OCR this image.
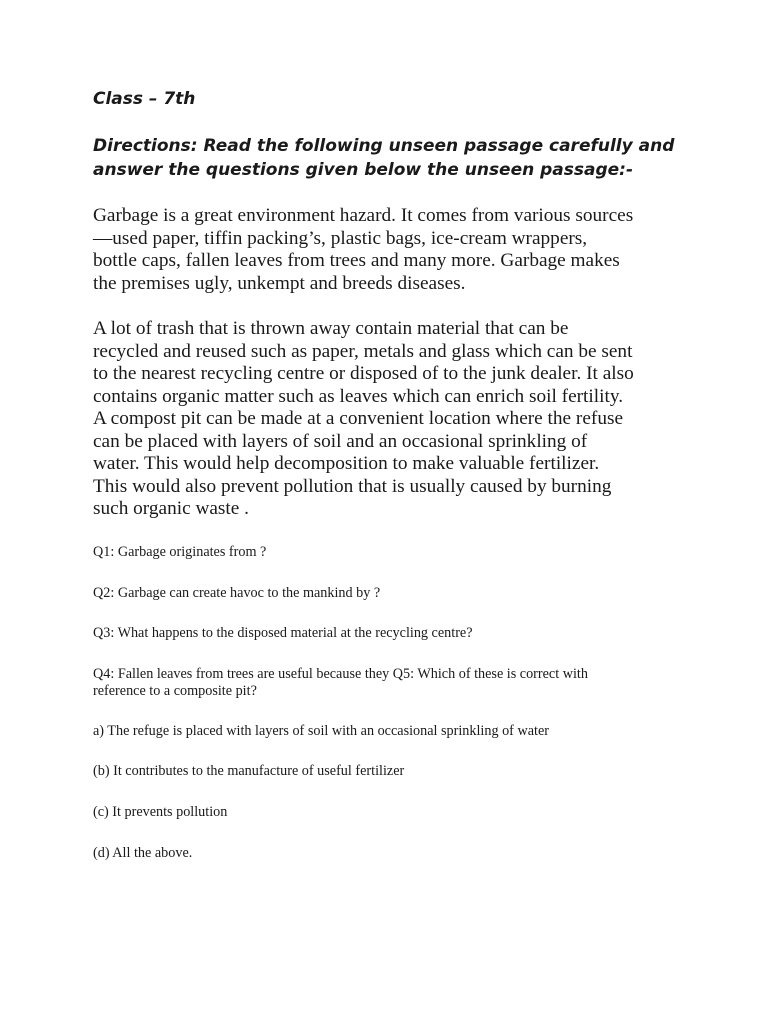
Class – 7th

Directions: Read the following unseen passage carefully and
answer the questions given below the unseen passage:-

Garbage is a great environment hazard. It comes from various sources
—used paper, tiffin packing’s, plastic bags, ice-cream wrappers,
bottle caps, fallen leaves from trees and many more. Garbage makes
the premises ugly, unkempt and breeds diseases.

A lot of trash that is thrown away contain material that can be
recycled and reused such as paper, metals and glass which can be sent
to the nearest recycling centre or disposed of to the junk dealer. It also
contains organic matter such as leaves which can enrich soil fertility.
A compost pit can be made at a convenient location where the refuse
can be placed with layers of soil and an occasional sprinkling of
water. This would help decomposition to make valuable fertilizer.
This would also prevent pollution that is usually caused by burning
such organic waste .

Q1: Garbage originates from ?

Q2: Garbage can create havoc to the mankind by ?

Q3: What happens to the disposed material at the recycling centre?

Q4: Fallen leaves from trees are useful because they Q5: Which of these is correct with
reference to a composite pit?

a) The refuge is placed with layers of soil with an occasional sprinkling of water

(b) It contributes to the manufacture of useful fertilizer

(c) It prevents pollution

(d) All the above.
